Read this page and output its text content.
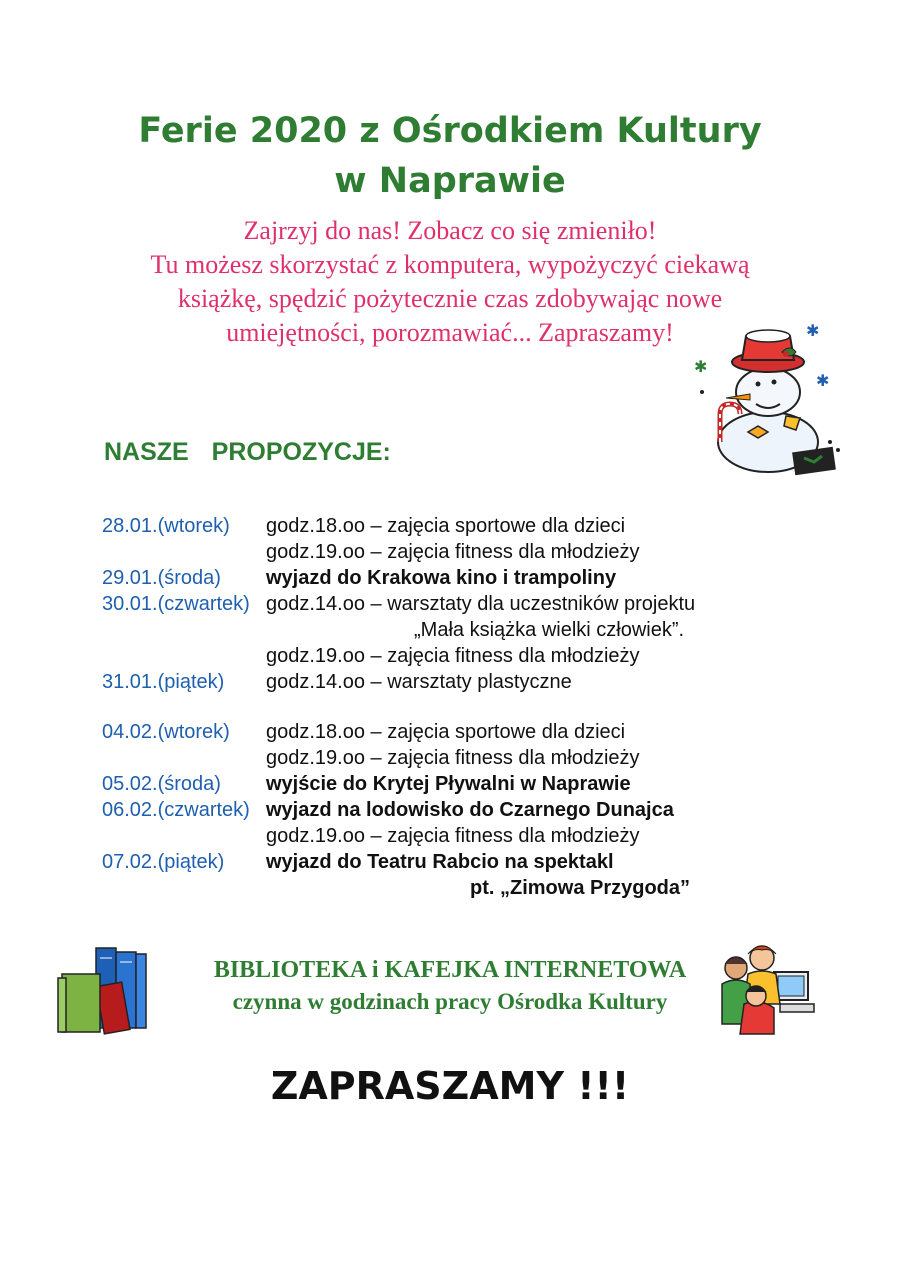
Ferie 2020 z Ośrodkiem Kultury
w Naprawie
Zajrzyj do nas! Zobacz co się zmieniło!
Tu możesz skorzystać z komputera, wypożyczyć ciekawą
książkę, spędzić pożytecznie czas zdobywając nowe
umiejętności, porozmawiać... Zapraszamy!	✱
✱
✱
NASZE PROPOZYCJE:
28.01.(wtorek) godz.18.oo – zajęcia sportowe dla dzieci
godz.19.oo – zajęcia fitness dla młodzieży
29.01.(środa) wyjazd do Krakowa kino i trampoliny
30.01.(czwartek) godz.14.oo – warsztaty dla uczestników projektu
„Mała książka wielki człowiek”.
godz.19.oo – zajęcia fitness dla młodzieży
31.01.(piątek) godz.14.oo – warsztaty plastyczne
04.02.(wtorek) godz.18.oo – zajęcia sportowe dla dzieci
godz.19.oo – zajęcia fitness dla młodzieży
05.02.(środa) wyjście do Krytej Pływalni w Naprawie
06.02.(czwartek) wyjazd na lodowisko do Czarnego Dunajca
godz.19.oo – zajęcia fitness dla młodzieży
07.02.(piątek) wyjazd do Teatru Rabcio na spektakl
pt. „Zimowa Przygoda”
BIBLIOTEKA i KAFEJKA INTERNETOWA
czynna w godzinach pracy Ośrodka Kultury
ZAPRASZAMY !!!
